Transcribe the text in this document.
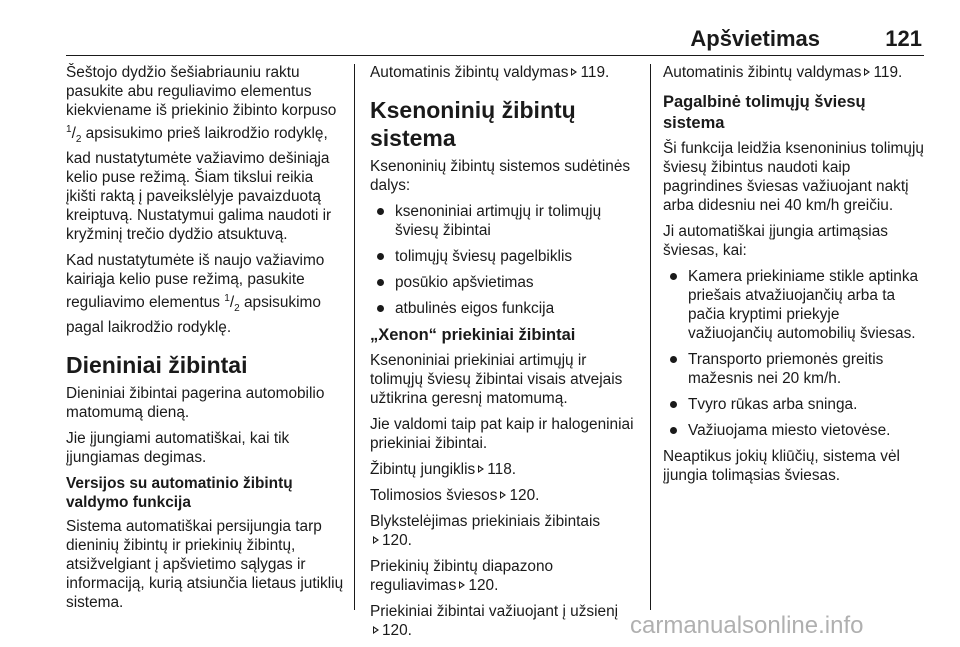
Apšvietimas	121

Šeštojo dydžio šešiabriauniu raktu pasukite abu reguliavimo elementus kiekviename iš priekinio žibinto korpuso $^1/_2$ apsisukimo prieš laikrodžio rodyklę, kad nustatytumėte važiavimo dešiniąja kelio puse režimą. Šiam tikslui reikia įkišti raktą į paveikslėlyje pavaizduotą kreiptuvą. Nustatymui galima naudoti ir kryžminį trečio dydžio atsuktuvą.

Kad nustatytumėte iš naujo važiavimo kairiąja kelio puse režimą, pasukite reguliavimo elementus $^1/_2$ apsisukimo pagal laikrodžio rodyklę.

Dieniniai žibintai

Dieniniai žibintai pagerina automobilio matomumą dieną.

Jie įjungiami automatiškai, kai tik įjungiamas degimas.

Versijos su automatinio žibintų valdymo funkcija

Sistema automatiškai persijungia tarp dieninių žibintų ir priekinių žibintų, atsižvelgiant į apšvietimo sąlygas ir informaciją, kurią atsiunčia lietaus jutiklių sistema.

Automatinis žibintų valdymas 119.

Ksenoninių žibintų sistema

Ksenoninių žibintų sistemos sudėtinės dalys:

ksenoniniai artimųjų ir tolimųjų šviesų žibintai
tolimųjų šviesų pagelbiklis
posūkio apšvietimas
atbulinės eigos funkcija
„Xenon“ priekiniai žibintai

Ksenoniniai priekiniai artimųjų ir tolimųjų šviesų žibintai visais atvejais užtikrina geresnį matomumą.

Jie valdomi taip pat kaip ir halogeniniai priekiniai žibintai.

Žibintų jungiklis 118.

Tolimosios šviesos 120.

Blykstelėjimas priekiniais žibintais
120.

Priekinių žibintų diapazono reguliavimas 120.

Priekiniai žibintai važiuojant į užsienį
120.

Automatinis žibintų valdymas 119.

Pagalbinė tolimųjų šviesų sistema

Ši funkcija leidžia ksenoninius tolimųjų šviesų žibintus naudoti kaip pagrindines šviesas važiuojant naktį arba didesniu nei 40 km/h greičiu.

Ji automatiškai įjungia artimąsias šviesas, kai:

Kamera priekiniame stikle aptinka priešais atvažiuojančių arba ta pačia kryptimi priekyje važiuojančių automobilių šviesas.
Transporto priemonės greitis mažesnis nei 20 km/h.
Tvyro rūkas arba sninga.
Važiuojama miesto vietovėse.

Neaptikus jokių kliūčių, sistema vėl įjungia tolimąsias šviesas.

carmanualsonline.info
